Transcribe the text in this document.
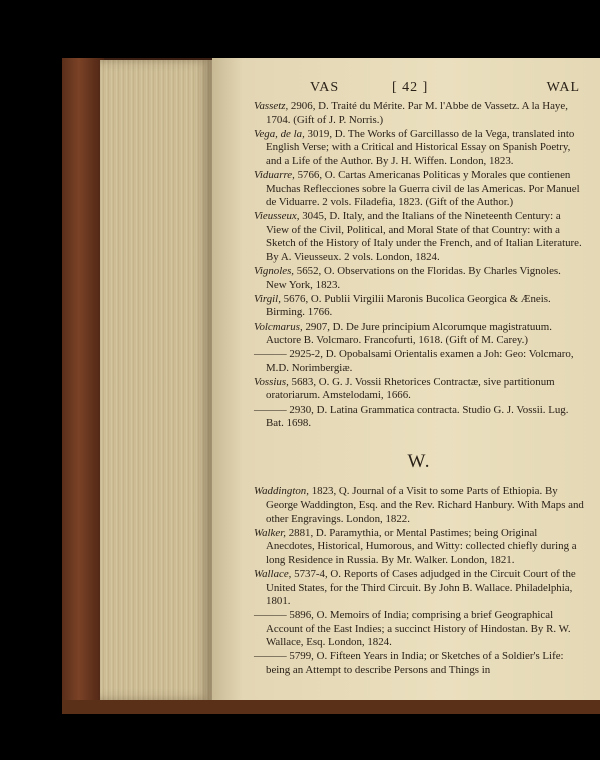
VAS	[ 42 ]	WAL
Vassetz, 2906, D. Traité du Mérite. Par M. l'Abbe de Vassetz. A la Haye, 1704. (Gift of J. P. Norris.)
Vega, de la, 3019, D. The Works of Garcillasso de la Vega, translated into English Verse; with a Critical and Historical Essay on Spanish Poetry, and a Life of the Author. By J. H. Wiffen. London, 1823.
Viduarre, 5766, O. Cartas Americanas Politicas y Morales que contienen Muchas Reflecciones sobre la Guerra civil de las Americas. Por Manuel de Viduarre. 2 vols. Filadefia, 1823. (Gift of the Author.)
Vieusseux, 3045, D. Italy, and the Italians of the Nineteenth Century: a View of the Civil, Political, and Moral State of that Country: with a Sketch of the History of Italy under the French, and of Italian Literature. By A. Vieusseux. 2 vols. London, 1824.
Vignoles, 5652, O. Observations on the Floridas. By Charles Vignoles. New York, 1823.
Virgil, 5676, O. Publii Virgilii Maronis Bucolica Georgica & Æneis. Birming. 1766.
Volcmarus, 2907, D. De Jure principium Alcorumque magistratuum. Auctore B. Volcmaro. Francofurti, 1618. (Gift of M. Carey.)
——— 2925-2, D. Opobalsami Orientalis examen a Joh: Geo: Volcmaro, M.D. Norimbergiæ.
Vossius, 5683, O. G. J. Vossii Rhetorices Contractæ, sive partitionum oratoriarum. Amstelodami, 1666.
——— 2930, D. Latina Grammatica contracta. Studio G. J. Vossii. Lug. Bat. 1698.
W.
Waddington, 1823, Q. Journal of a Visit to some Parts of Ethiopia. By George Waddington, Esq. and the Rev. Richard Hanbury. With Maps and other Engravings. London, 1822.
Walker, 2881, D. Paramythia, or Mental Pastimes; being Original Anecdotes, Historical, Humorous, and Witty: collected chiefly during a long Residence in Russia. By Mr. Walker. London, 1821.
Wallace, 5737-4, O. Reports of Cases adjudged in the Circuit Court of the United States, for the Third Circuit. By John B. Wallace. Philadelphia, 1801.
——— 5896, O. Memoirs of India; comprising a brief Geographical Account of the East Indies; a succinct History of Hindostan. By R. W. Wallace, Esq. London, 1824.
——— 5799, O. Fifteen Years in India; or Sketches of a Soldier's Life: being an Attempt to describe Persons and Things in
